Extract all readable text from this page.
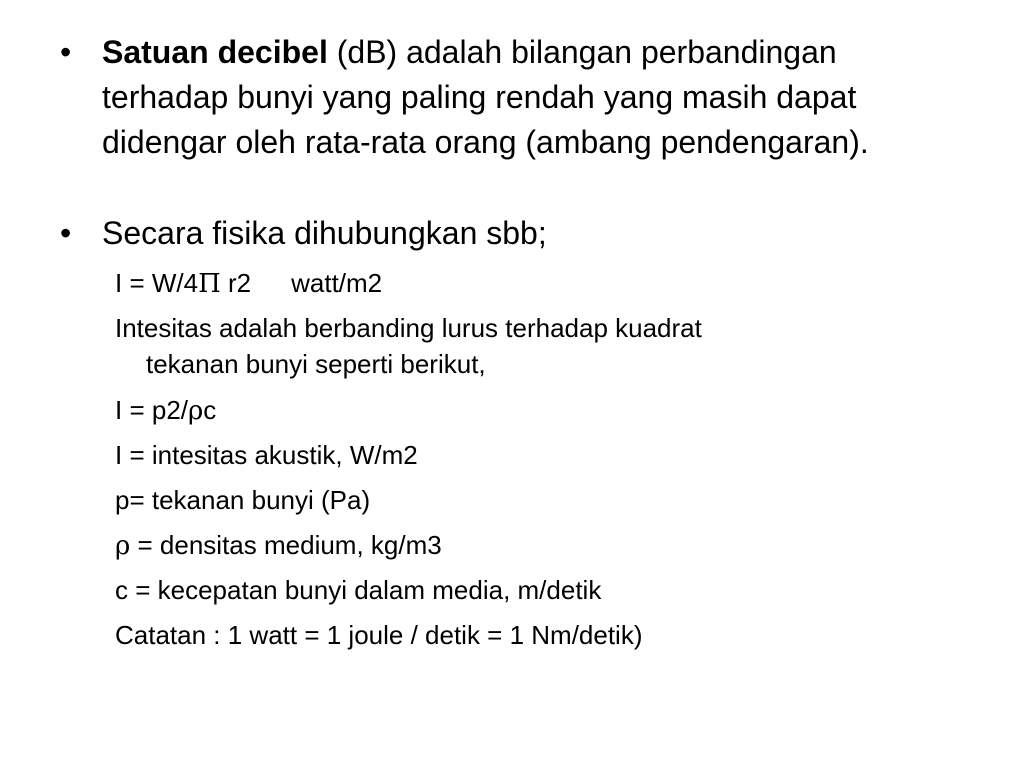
• Satuan decibel (dB) adalah bilangan perbandingan terhadap bunyi yang paling rendah yang masih dapat didengar oleh rata-rata orang (ambang pendengaran).
• Secara fisika dihubungkan sbb;
I = W/4Π r2 watt/m2
Intesitas adalah berbanding lurus terhadap kuadrat
tekanan bunyi seperti berikut,
I = p2/ρc
I = intesitas akustik, W/m2
p= tekanan bunyi (Pa)
ρ = densitas medium, kg/m3
c = kecepatan bunyi dalam media, m/detik
Catatan : 1 watt = 1 joule / detik = 1 Nm/detik)
